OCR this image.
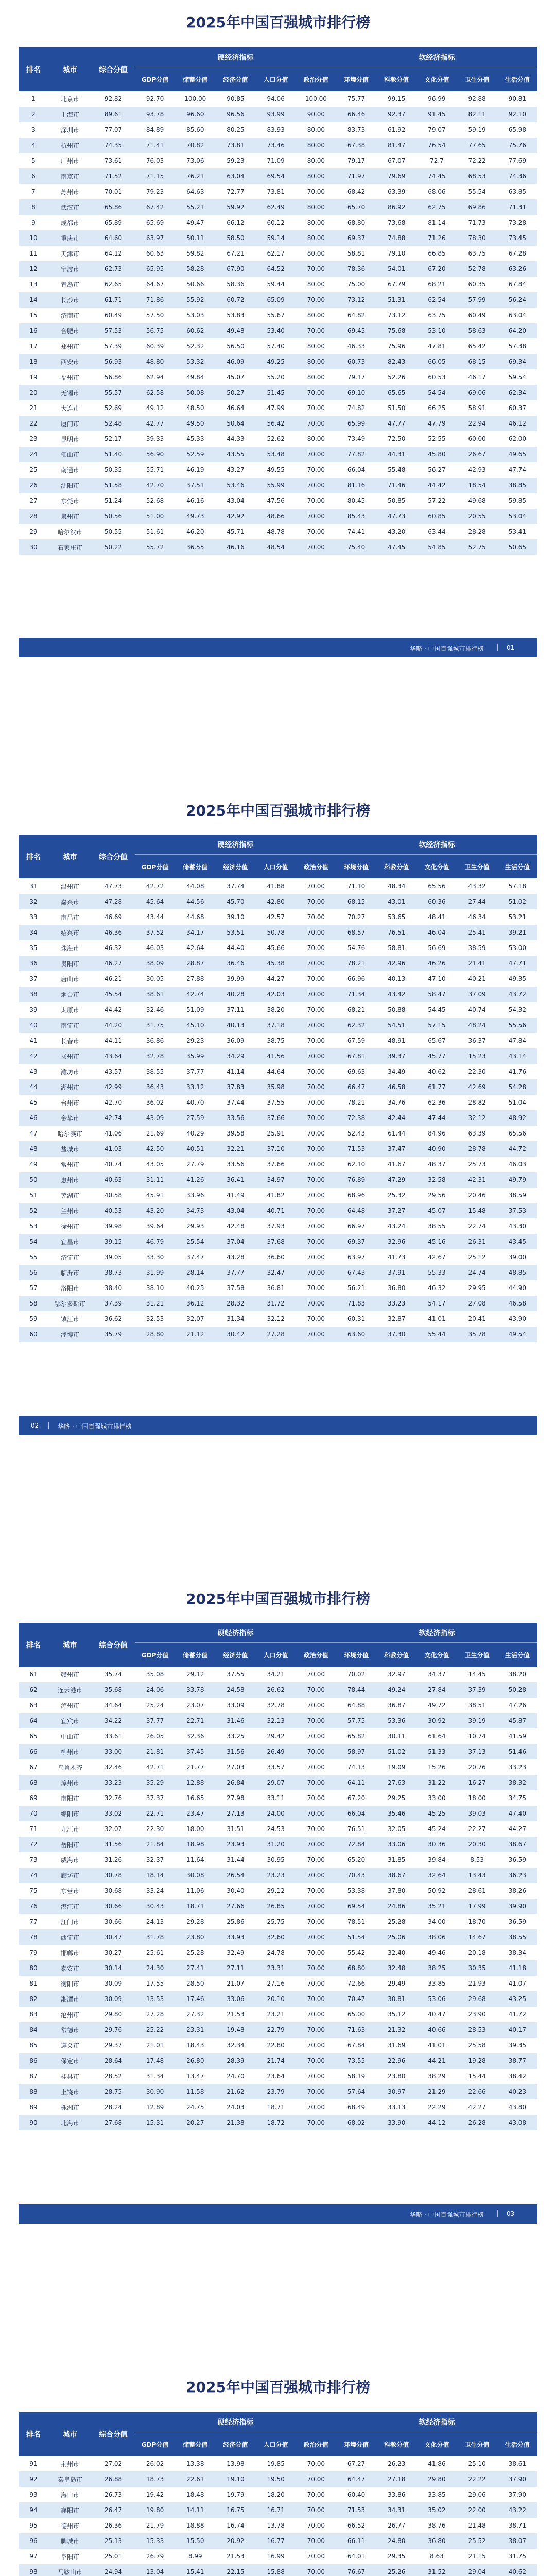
2025年中国百强城市排行榜
排名	城市	综合分值	硬经济指标					软经济指标				
			GDP分值	储蓄分值	经济分值	人口分值	政治分值	环境分值	科教分值	文化分值	卫生分值	生活分值
1	北京市	92.82	92.70	100.00	90.85	94.06	100.00	75.77	99.15	96.99	92.88	90.81
2	上海市	89.61	93.78	96.60	96.56	93.99	90.00	66.46	92.37	91.45	82.11	92.10
3	深圳市	77.07	84.89	85.60	80.25	83.93	80.00	83.73	61.92	79.07	59.19	65.98
4	杭州市	74.35	71.41	70.82	73.81	73.46	80.00	67.38	81.47	76.54	77.65	75.76
5	广州市	73.61	76.03	73.06	59.23	71.09	80.00	79.17	67.07	72.7	72.22	77.69
6	南京市	71.52	71.15	76.21	63.04	69.54	80.00	71.97	79.69	74.45	68.53	74.36
7	苏州市	70.01	79.23	64.63	72.77	73.81	70.00	68.42	63.39	68.06	55.54	63.85
8	武汉市	65.86	67.42	55.21	59.92	62.49	80.00	65.70	86.92	62.75	69.86	71.31
9	成都市	65.89	65.69	49.47	66.12	60.12	80.00	68.80	73.68	81.14	71.73	73.28
10	重庆市	64.60	63.97	50.11	58.50	59.14	80.00	69.37	74.88	71.26	78.30	73.45
11	天津市	64.12	60.63	59.82	67.21	62.17	80.00	58.81	79.10	66.85	63.75	67.28
12	宁波市	62.73	65.95	58.28	67.90	64.52	70.00	78.36	54.01	67.20	52.78	63.26
13	青岛市	62.65	64.67	50.66	58.36	59.44	80.00	75.00	67.79	68.21	60.35	67.84
14	长沙市	61.71	71.86	55.92	60.72	65.09	70.00	73.12	51.31	62.54	57.99	56.24
15	济南市	60.49	57.50	53.03	53.83	55.67	80.00	64.82	73.12	63.75	60.49	63.04
16	合肥市	57.53	56.75	60.62	49.48	53.40	70.00	69.45	75.68	53.10	58.63	64.20
17	郑州市	57.39	60.39	52.32	56.50	57.40	80.00	46.33	75.96	47.81	65.42	57.38
18	西安市	56.93	48.80	53.32	46.09	49.25	80.00	60.73	82.43	66.05	68.15	69.34
19	福州市	56.86	62.94	49.84	45.07	55.20	80.00	79.17	52.26	60.53	46.17	59.54
20	无锡市	55.57	62.58	50.08	50.27	51.45	70.00	69.10	65.65	54.54	69.06	62.34
21	大连市	52.69	49.12	48.50	46.64	47.99	70.00	74.82	51.50	66.25	58.91	60.37
22	厦门市	52.48	42.77	49.50	50.64	56.42	70.00	65.99	47.77	47.79	22.94	46.12
23	昆明市	52.17	39.33	45.33	44.33	52.62	80.00	73.49	72.50	52.55	60.00	62.00
24	佛山市	51.40	56.90	52.59	43.55	53.48	70.00	77.82	44.31	45.80	26.67	49.65
25	南通市	50.35	55.71	46.19	43.27	49.55	70.00	66.04	55.48	56.27	42.93	47.74
26	沈阳市	51.58	42.70	37.51	53.46	55.99	70.00	81.16	71.46	44.42	18.54	38.85
27	东莞市	51.24	52.68	46.16	43.04	47.56	70.00	80.45	50.85	57.22	49.68	59.85
28	泉州市	50.56	51.00	49.73	42.92	48.66	70.00	85.43	47.73	60.85	20.55	53.04
29	哈尔滨市	50.55	51.61	46.20	45.71	48.78	70.00	74.41	43.20	63.44	28.28	53.41
30	石家庄市	50.22	55.72	36.55	46.16	48.54	70.00	75.40	47.45	54.85	52.75	50.65
华略 · 中国百强城市排行榜	01
2025年中国百强城市排行榜
排名	城市	综合分值	硬经济指标					软经济指标				
			GDP分值	储蓄分值	经济分值	人口分值	政治分值	环境分值	科教分值	文化分值	卫生分值	生活分值
31	温州市	47.73	42.72	44.08	37.74	41.88	70.00	71.10	48.34	65.56	43.32	57.18
32	嘉兴市	47.28	45.64	44.56	45.70	42.80	70.00	68.15	43.01	60.36	27.44	51.02
33	南昌市	46.69	43.44	44.68	39.10	42.57	70.00	70.27	53.65	48.41	46.34	53.21
34	绍兴市	46.36	37.52	34.17	53.51	50.78	70.00	68.57	76.51	46.04	25.41	39.21
35	珠海市	46.32	46.03	42.64	44.40	45.66	70.00	54.76	58.81	56.69	38.59	53.00
36	贵阳市	46.27	38.09	28.87	36.46	45.38	70.00	78.21	42.96	46.26	21.41	47.71
37	唐山市	46.21	30.05	27.88	39.99	44.27	70.00	66.96	40.13	47.10	40.21	49.35
38	烟台市	45.54	38.61	42.74	40.28	42.03	70.00	71.34	43.42	58.47	37.09	43.72
39	太原市	44.42	32.46	51.09	37.11	38.20	70.00	68.21	50.88	54.45	40.74	54.32
40	南宁市	44.20	31.75	45.10	40.13	37.18	70.00	62.32	54.51	57.15	48.24	55.56
41	长春市	44.11	36.86	29.23	36.09	38.75	70.00	67.59	48.91	65.67	36.37	47.84
42	扬州市	43.64	32.78	35.99	34.29	41.56	70.00	67.81	39.37	45.77	15.23	43.14
43	潍坊市	43.57	38.55	37.77	41.14	44.64	70.00	69.63	34.49	40.62	22.30	41.76
44	湖州市	42.99	36.43	33.12	37.83	35.98	70.00	66.47	46.58	61.77	42.69	54.28
45	台州市	42.70	36.02	40.70	37.44	37.55	70.00	78.21	34.76	62.36	28.82	51.04
46	金华市	42.74	43.09	27.59	33.56	37.66	70.00	72.38	42.44	47.44	32.12	48.92
47	哈尔滨市	41.06	21.69	40.29	39.58	25.91	70.00	52.43	61.44	84.96	63.39	65.56
48	盐城市	41.03	42.50	40.51	32.21	37.10	70.00	71.53	37.47	40.90	28.78	44.72
49	常州市	40.74	43.05	27.79	33.56	37.66	70.00	62.10	41.67	48.37	25.73	46.03
50	惠州市	40.63	31.11	41.26	36.41	34.97	70.00	76.89	47.29	32.58	42.31	49.79
51	芜湖市	40.58	45.91	33.96	41.49	41.82	70.00	68.96	25.32	29.56	20.46	38.59
52	兰州市	40.53	43.20	34.73	43.04	40.71	70.00	64.48	37.27	45.07	15.48	37.53
53	徐州市	39.98	39.64	29.93	42.48	37.93	70.00	66.97	43.24	38.55	22.74	43.30
54	宜昌市	39.15	46.79	25.54	37.04	37.68	70.00	69.37	32.96	45.16	26.31	43.45
55	济宁市	39.05	33.30	37.47	43.28	36.60	70.00	63.97	41.73	42.67	25.12	39.00
56	临沂市	38.73	31.99	28.14	37.77	32.47	70.00	67.43	37.91	55.33	24.74	48.85
57	洛阳市	38.40	38.10	40.25	37.58	36.81	70.00	56.21	36.80	46.32	29.95	44.90
58	鄂尔多斯市	37.39	31.21	36.12	28.32	31.72	70.00	71.83	33.23	54.17	27.08	46.58
59	镇江市	36.62	32.53	32.07	31.34	32.12	70.00	60.31	32.87	41.01	20.41	43.90
60	淄博市	35.79	28.80	21.12	30.42	27.28	70.00	63.60	37.30	55.44	35.78	49.54
02	华略 · 中国百强城市排行榜
2025年中国百强城市排行榜
排名	城市	综合分值	硬经济指标					软经济指标				
			GDP分值	储蓄分值	经济分值	人口分值	政治分值	环境分值	科教分值	文化分值	卫生分值	生活分值
61	赣州市	35.74	35.08	29.12	37.55	34.21	70.00	70.02	32.97	34.37	14.45	38.20
62	连云港市	35.68	24.06	33.78	24.58	26.62	70.00	78.44	49.24	27.84	37.39	50.28
63	泸州市	34.64	25.24	23.07	33.09	32.78	70.00	64.88	36.87	49.72	38.51	47.26
64	宜宾市	34.22	37.77	22.71	31.46	32.13	70.00	57.75	53.36	30.92	39.19	45.87
65	中山市	33.61	26.05	32.36	33.25	29.42	70.00	65.82	30.11	61.64	10.74	41.59
66	柳州市	33.00	21.81	37.45	31.56	26.49	70.00	58.97	51.02	51.33	37.13	51.46
67	乌鲁木齐	32.46	42.71	21.77	27.03	33.57	70.00	74.13	19.09	15.26	20.76	33.23
68	漳州市	33.23	35.29	12.88	26.84	29.07	70.00	64.11	27.63	31.22	16.27	38.32
69	南阳市	32.76	37.37	16.65	27.98	33.11	70.00	67.20	29.25	33.00	18.00	34.75
70	绵阳市	33.02	22.71	23.47	27.13	24.00	70.00	66.04	35.46	45.25	39.03	47.40
71	九江市	32.07	22.30	18.00	31.51	24.53	70.00	76.51	32.05	45.24	22.27	44.27
72	岳阳市	31.56	21.84	18.98	23.93	31.20	70.00	72.84	33.06	30.36	20.30	38.67
73	威海市	31.26	32.37	11.64	31.44	30.95	70.00	65.20	31.85	39.84	8.53	36.59
74	廊坊市	30.78	18.14	30.08	26.54	23.23	70.00	70.43	38.67	32.64	13.43	36.23
75	东营市	30.68	33.24	11.06	30.40	29.12	70.00	53.38	37.80	50.92	28.61	38.26
76	湛江市	30.66	30.43	18.71	27.66	26.85	70.00	69.54	24.86	35.21	17.99	39.90
77	江门市	30.66	24.13	29.28	25.86	25.75	70.00	78.51	25.28	34.00	18.70	36.59
78	西宁市	30.47	31.78	23.80	33.93	32.60	70.00	51.54	25.06	38.06	14.67	38.55
79	邯郸市	30.27	25.61	25.28	32.49	24.78	70.00	55.42	32.40	49.46	20.18	38.34
80	泰安市	30.14	24.30	27.41	27.11	23.31	70.00	68.80	32.48	38.25	30.35	41.18
81	衡阳市	30.09	17.55	28.50	21.07	27.16	70.00	72.66	29.49	33.85	21.93	41.07
82	湘潭市	30.09	13.53	17.46	33.06	20.10	70.00	70.47	30.81	53.06	29.68	43.25
83	沧州市	29.80	27.28	27.32	21.53	23.21	70.00	65.00	35.12	40.47	23.90	41.72
84	常德市	29.76	25.22	23.31	19.48	22.79	70.00	71.63	21.32	40.66	28.53	40.17
85	遵义市	29.37	21.01	18.43	32.34	22.80	70.00	67.84	31.69	41.01	25.58	39.35
86	保定市	28.64	17.48	26.80	28.39	21.74	70.00	73.55	22.96	44.21	19.28	38.77
87	桂林市	28.52	31.34	13.47	24.70	23.64	70.00	58.19	23.80	38.29	15.44	38.42
88	上饶市	28.75	30.90	11.58	21.62	23.79	70.00	57.64	30.97	21.29	22.66	40.23
89	株洲市	28.24	12.89	24.75	24.03	18.71	70.00	68.49	33.13	22.29	42.27	43.80
90	北海市	27.68	15.31	20.27	21.38	18.72	70.00	68.02	33.90	44.12	26.28	43.08
华略 · 中国百强城市排行榜	03
2025年中国百强城市排行榜
排名	城市	综合分值	硬经济指标					软经济指标				
			GDP分值	储蓄分值	经济分值	人口分值	政治分值	环境分值	科教分值	文化分值	卫生分值	生活分值
91	荆州市	27.02	26.02	13.38	13.98	19.85	70.00	67.27	26.23	41.86	25.10	38.61
92	秦皇岛市	26.88	18.73	22.61	19.10	19.50	70.00	64.47	27.18	29.80	22.22	37.90
93	海口市	26.73	19.42	18.48	19.79	18.20	70.00	60.40	33.86	33.85	29.06	37.90
94	襄阳市	26.47	19.80	14.11	16.75	16.71	70.00	71.53	34.31	35.02	22.00	43.22
95	德州市	26.36	21.79	18.88	16.74	13.78	70.00	66.52	26.77	38.76	21.48	38.71
96	聊城市	25.13	15.33	15.50	20.92	16.77	70.00	66.11	24.80	36.80	25.52	38.07
97	阜阳市	25.01	26.79	8.99	21.53	16.99	70.00	64.01	29.35	8.63	21.15	31.75
98	马鞍山市	24.94	13.04	15.41	22.15	15.88	70.00	76.67	25.26	31.52	29.04	40.62
